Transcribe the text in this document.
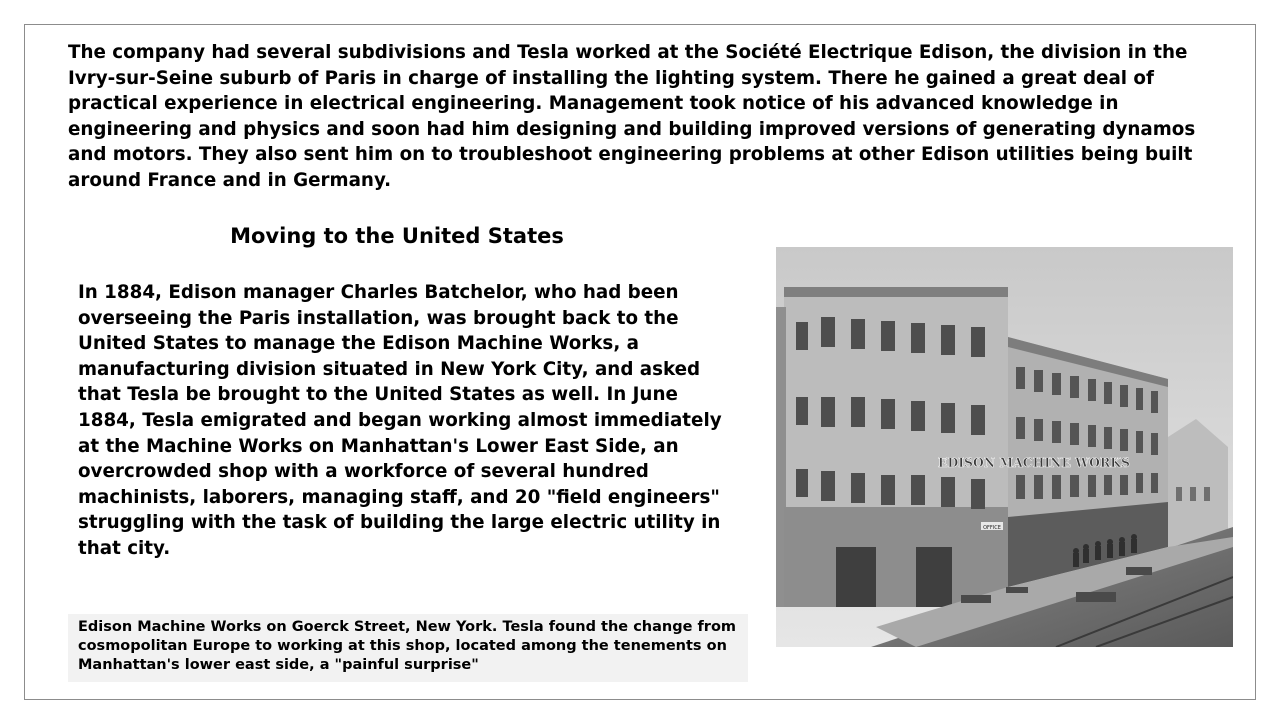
The company had several subdivisions and Tesla worked at the Société Electrique Edison, the division in the Ivry-sur-Seine suburb of Paris in charge of installing the lighting system. There he gained a great deal of practical experience in electrical engineering. Management took notice of his advanced knowledge in engineering and physics and soon had him designing and building improved versions of generating dynamos and motors. They also sent him on to troubleshoot engineering problems at other Edison utilities being built around France and in Germany.

Moving to the United States

In 1884, Edison manager Charles Batchelor, who had been overseeing the Paris installation, was brought back to the United States to manage the Edison Machine Works, a manufacturing division situated in New York City, and asked that Tesla be brought to the United States as well. In June 1884, Tesla emigrated and began working almost immediately at the Machine Works on Manhattan's Lower East Side, an overcrowded shop with a workforce of several hundred machinists, laborers, managing staff, and 20 "field engineers" struggling with the task of building the large electric utility in that city.

Edison Machine Works on Goerck Street, New York. Tesla found the change from cosmopolitan Europe to working at this shop, located among the tenements on Manhattan's lower east side, a "painful surprise"

OFFICE
EDISON MACHINE WORKS
